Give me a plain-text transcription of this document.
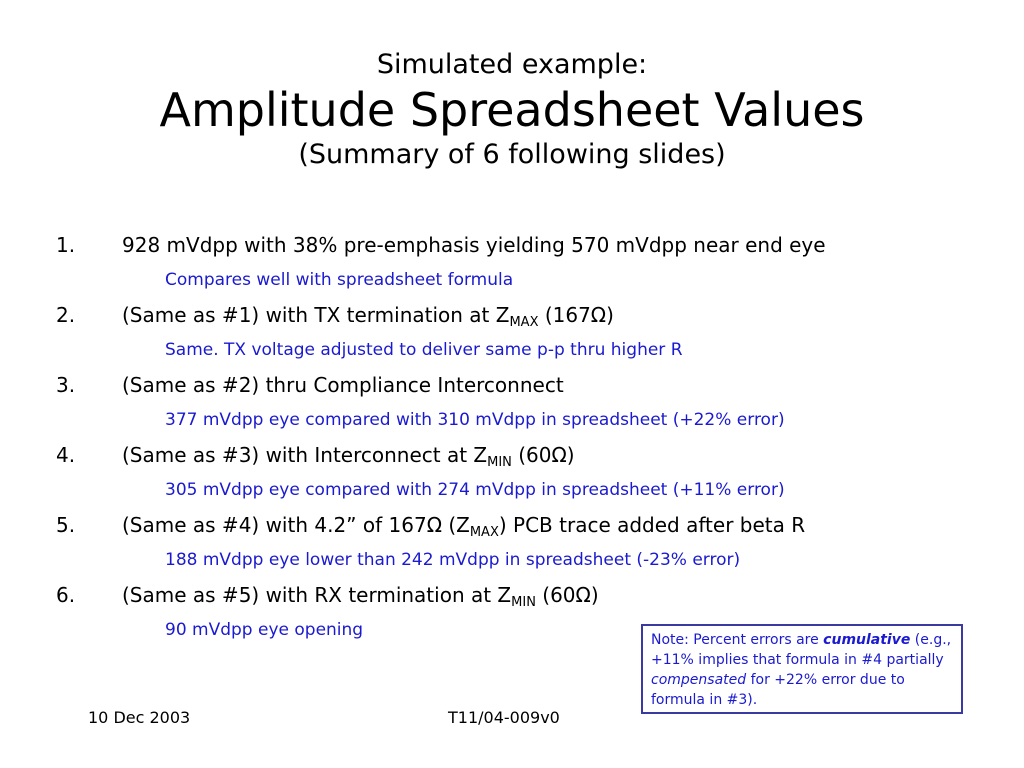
Simulated example:
Amplitude Spreadsheet Values
(Summary of 6 following slides)
1. 928 mVdpp with 38% pre-emphasis yielding 570 mVdpp near end eye
Compares well with spreadsheet formula
2. (Same as #1) with TX termination at $Z_{MAX}$ (167Ω)
Same. TX voltage adjusted to deliver same p-p thru higher R
3. (Same as #2) thru Compliance Interconnect
377 mVdpp eye compared with 310 mVdpp in spreadsheet (+22% error)
4. (Same as #3) with Interconnect at $Z_{MIN}$ (60Ω)
305 mVdpp eye compared with 274 mVdpp in spreadsheet (+11% error)
5. (Same as #4) with 4.2” of 167Ω $(Z_{MAX})$ PCB trace added after beta R
188 mVdpp eye lower than 242 mVdpp in spreadsheet (-23% error)
6. (Same as #5) with RX termination at $Z_{MIN}$ (60Ω)
90 mVdpp eye opening	Note: Percent errors are cumulative (e.g., +11% implies that formula in #4 partially compensated for +22% error due to formula in #3).
10 Dec 2003	T11/04-009v0
